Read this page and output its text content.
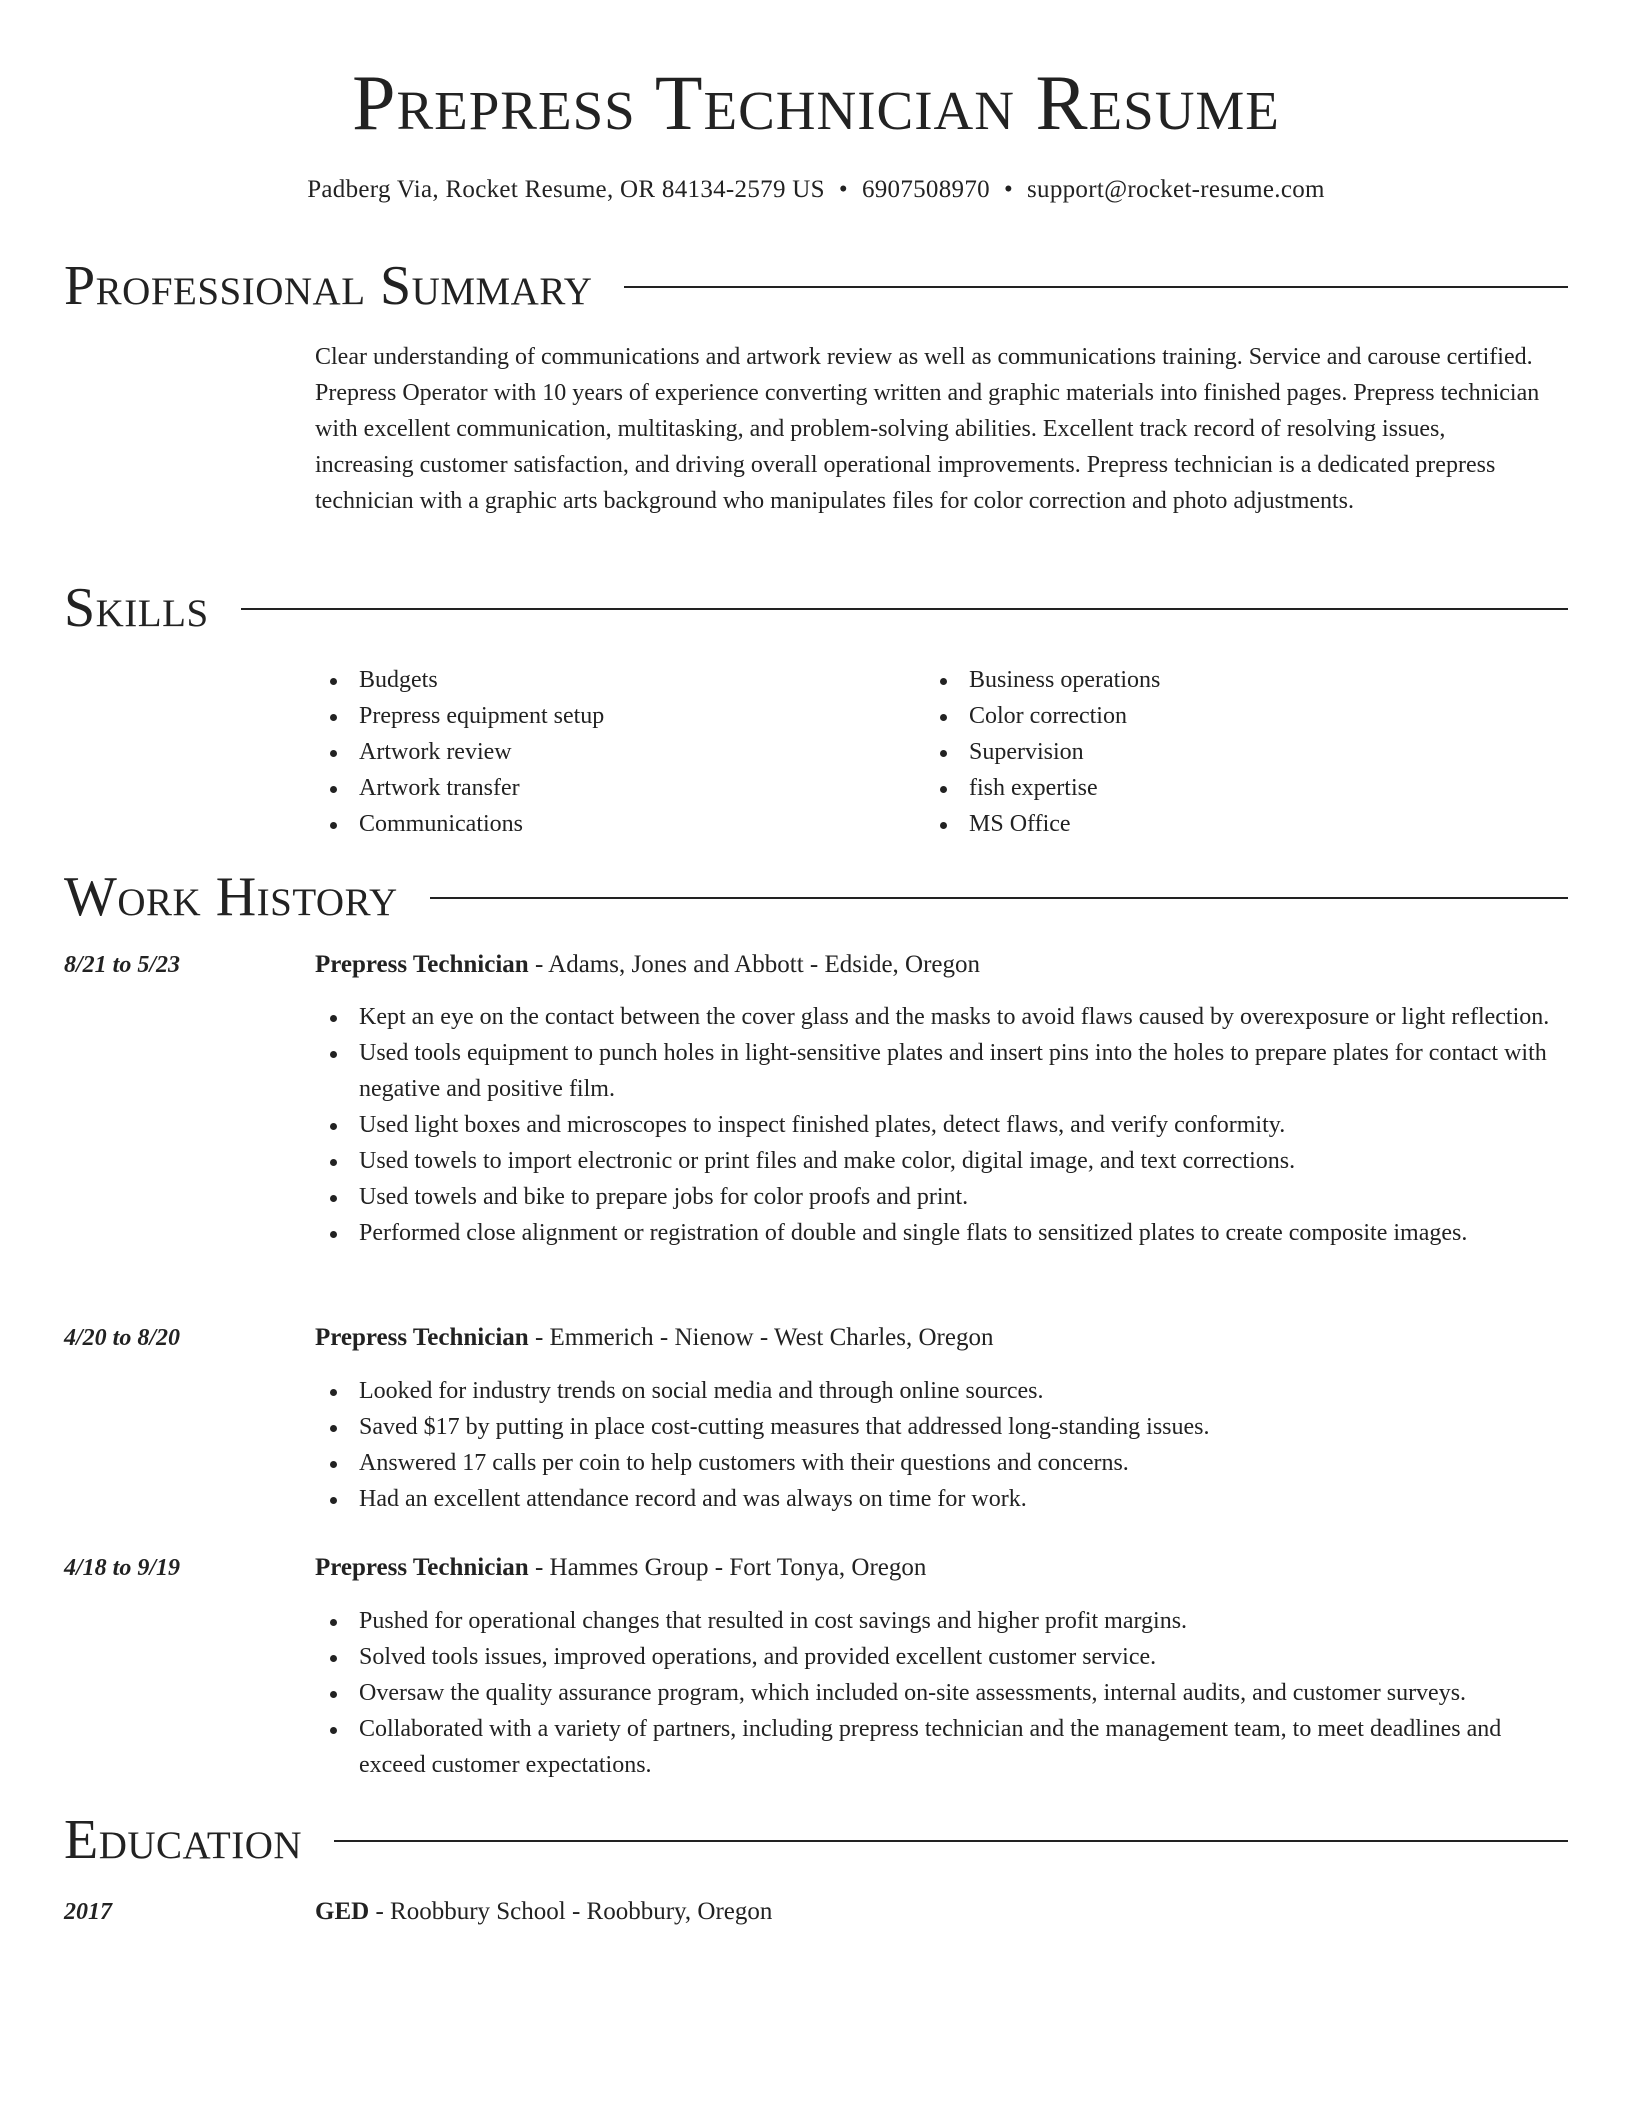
Prepress Technician Resume
Padberg Via, Rocket Resume, OR 84134-2579 US • 6907508970 • support@rocket-resume.com
Professional Summary

Clear understanding of communications and artwork review as well as communications training. Service and carouse certified. Prepress Operator with 10 years of experience converting written and graphic materials into finished pages. Prepress technician with excellent communication, multitasking, and problem-solving abilities. Excellent track record of resolving issues, increasing customer satisfaction, and driving overall operational improvements. Prepress technician is a dedicated prepress technician with a graphic arts background who manipulates files for color correction and photo adjustments.

Skills
Budgets
Prepress equipment setup
Artwork review
Artwork transfer
Communications
Business operations
Color correction
Supervision
fish expertise
MS Office
Work History
8/21 to 5/23	Prepress Technician - Adams, Jones and Abbott - Edside, Oregon
Kept an eye on the contact between the cover glass and the masks to avoid flaws caused by overexposure or light reflection.
Used tools equipment to punch holes in light-sensitive plates and insert pins into the holes to prepare plates for contact with negative and positive film.
Used light boxes and microscopes to inspect finished plates, detect flaws, and verify conformity.
Used towels to import electronic or print files and make color, digital image, and text corrections.
Used towels and bike to prepare jobs for color proofs and print.
Performed close alignment or registration of double and single flats to sensitized plates to create composite images.
4/20 to 8/20	Prepress Technician - Emmerich - Nienow - West Charles, Oregon
Looked for industry trends on social media and through online sources.
Saved $17 by putting in place cost-cutting measures that addressed long-standing issues.
Answered 17 calls per coin to help customers with their questions and concerns.
Had an excellent attendance record and was always on time for work.
4/18 to 9/19	Prepress Technician - Hammes Group - Fort Tonya, Oregon
Pushed for operational changes that resulted in cost savings and higher profit margins.
Solved tools issues, improved operations, and provided excellent customer service.
Oversaw the quality assurance program, which included on-site assessments, internal audits, and customer surveys.
Collaborated with a variety of partners, including prepress technician and the management team, to meet deadlines and exceed customer expectations.
Education
2017	GED - Roobbury School - Roobbury, Oregon
